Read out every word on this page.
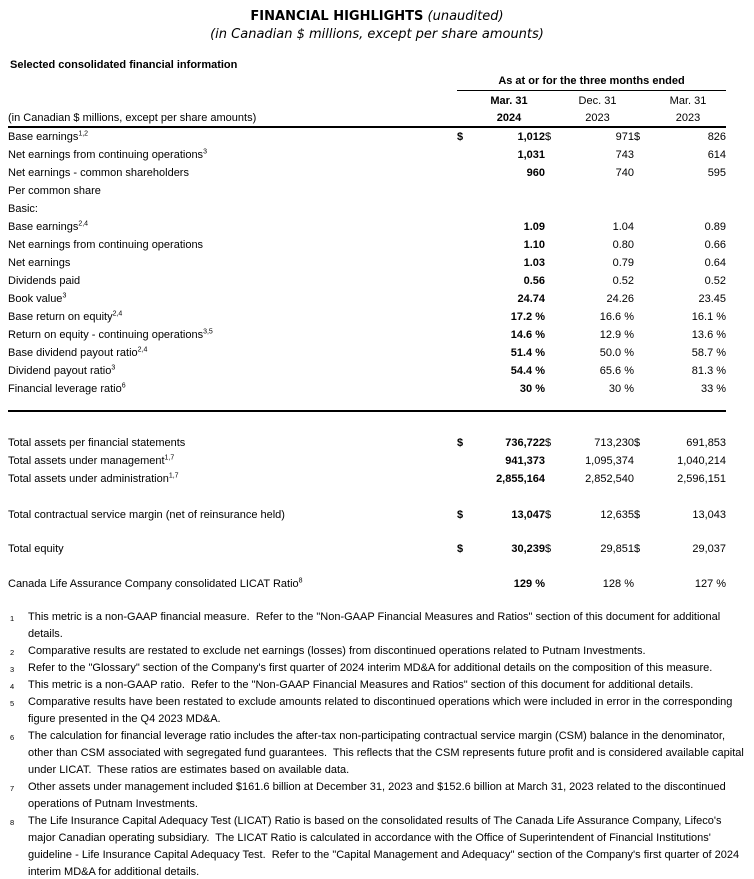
FINANCIAL HIGHLIGHTS (unaudited)
(in Canadian $ millions, except per share amounts)
Selected consolidated financial information
	As at or for the three months ended					
		Mar. 31		Dec. 31		Mar. 31
(in Canadian $ millions, except per share amounts)		2024		2023		2023
Base earnings$^{1,2}$	$	1,012	$	971	$	826
Net earnings from continuing operations$^3$		1,031		743		614
Net earnings - common shareholders		960		740		595
Per common share						
Basic:						
Base earnings$^{2,4}$		1.09		1.04		0.89
Net earnings from continuing operations		1.10		0.80		0.66
Net earnings		1.03		0.79		0.64
Dividends paid		0.56		0.52		0.52
Book value$^3$		24.74		24.26		23.45
Base return on equity$^{2,4}$		17.2 %		16.6 %		16.1 %
Return on equity - continuing operations$^{3,5}$		14.6 %		12.9 %		13.6 %
Base dividend payout ratio$^{2,4}$		51.4 %		50.0 %		58.7 %
Dividend payout ratio$^3$		54.4 %		65.6 %		81.3 %
Financial leverage ratio$^6$		30 %		30 %		33 %

Total assets per financial statements	$	736,722	$	713,230	$	691,853
Total assets under management$^{1,7}$		941,373		1,095,374		1,040,214
Total assets under administration$^{1,7}$		2,855,164		2,852,540		2,596,151

Total contractual service margin (net of reinsurance held)	$	13,047	$	12,635	$	13,043

Total equity	$	30,239	$	29,851	$	29,037

Canada Life Assurance Company consolidated LICAT Ratio$^8$		129 %		128 %		127 %
1 This metric is a non-GAAP financial measure.  Refer to the "Non-GAAP Financial Measures and Ratios" section of this document for additional details.
2 Comparative results are restated to exclude net earnings (losses) from discontinued operations related to Putnam Investments.
3 Refer to the "Glossary" section of the Company's first quarter of 2024 interim MD&A for additional details on the composition of this measure.
4 This metric is a non-GAAP ratio.  Refer to the "Non-GAAP Financial Measures and Ratios" section of this document for additional details.
5 Comparative results have been restated to exclude amounts related to discontinued operations which were included in error in the corresponding figure presented in the Q4 2023 MD&A.
6 The calculation for financial leverage ratio includes the after-tax non-participating contractual service margin (CSM) balance in the denominator, other than CSM associated with segregated fund guarantees.  This reflects that the CSM represents future profit and is considered available capital under LICAT.  These ratios are estimates based on available data.
7 Other assets under management included $161.6 billion at December 31, 2023 and $152.6 billion at March 31, 2023 related to the discontinued operations of Putnam Investments.
8 The Life Insurance Capital Adequacy Test (LICAT) Ratio is based on the consolidated results of The Canada Life Assurance Company, Lifeco's major Canadian operating subsidiary.  The LICAT Ratio is calculated in accordance with the Office of Superintendent of Financial Institutions' guideline - Life Insurance Capital Adequacy Test.  Refer to the "Capital Management and Adequacy" section of the Company's first quarter of 2024 interim MD&A for additional details.
